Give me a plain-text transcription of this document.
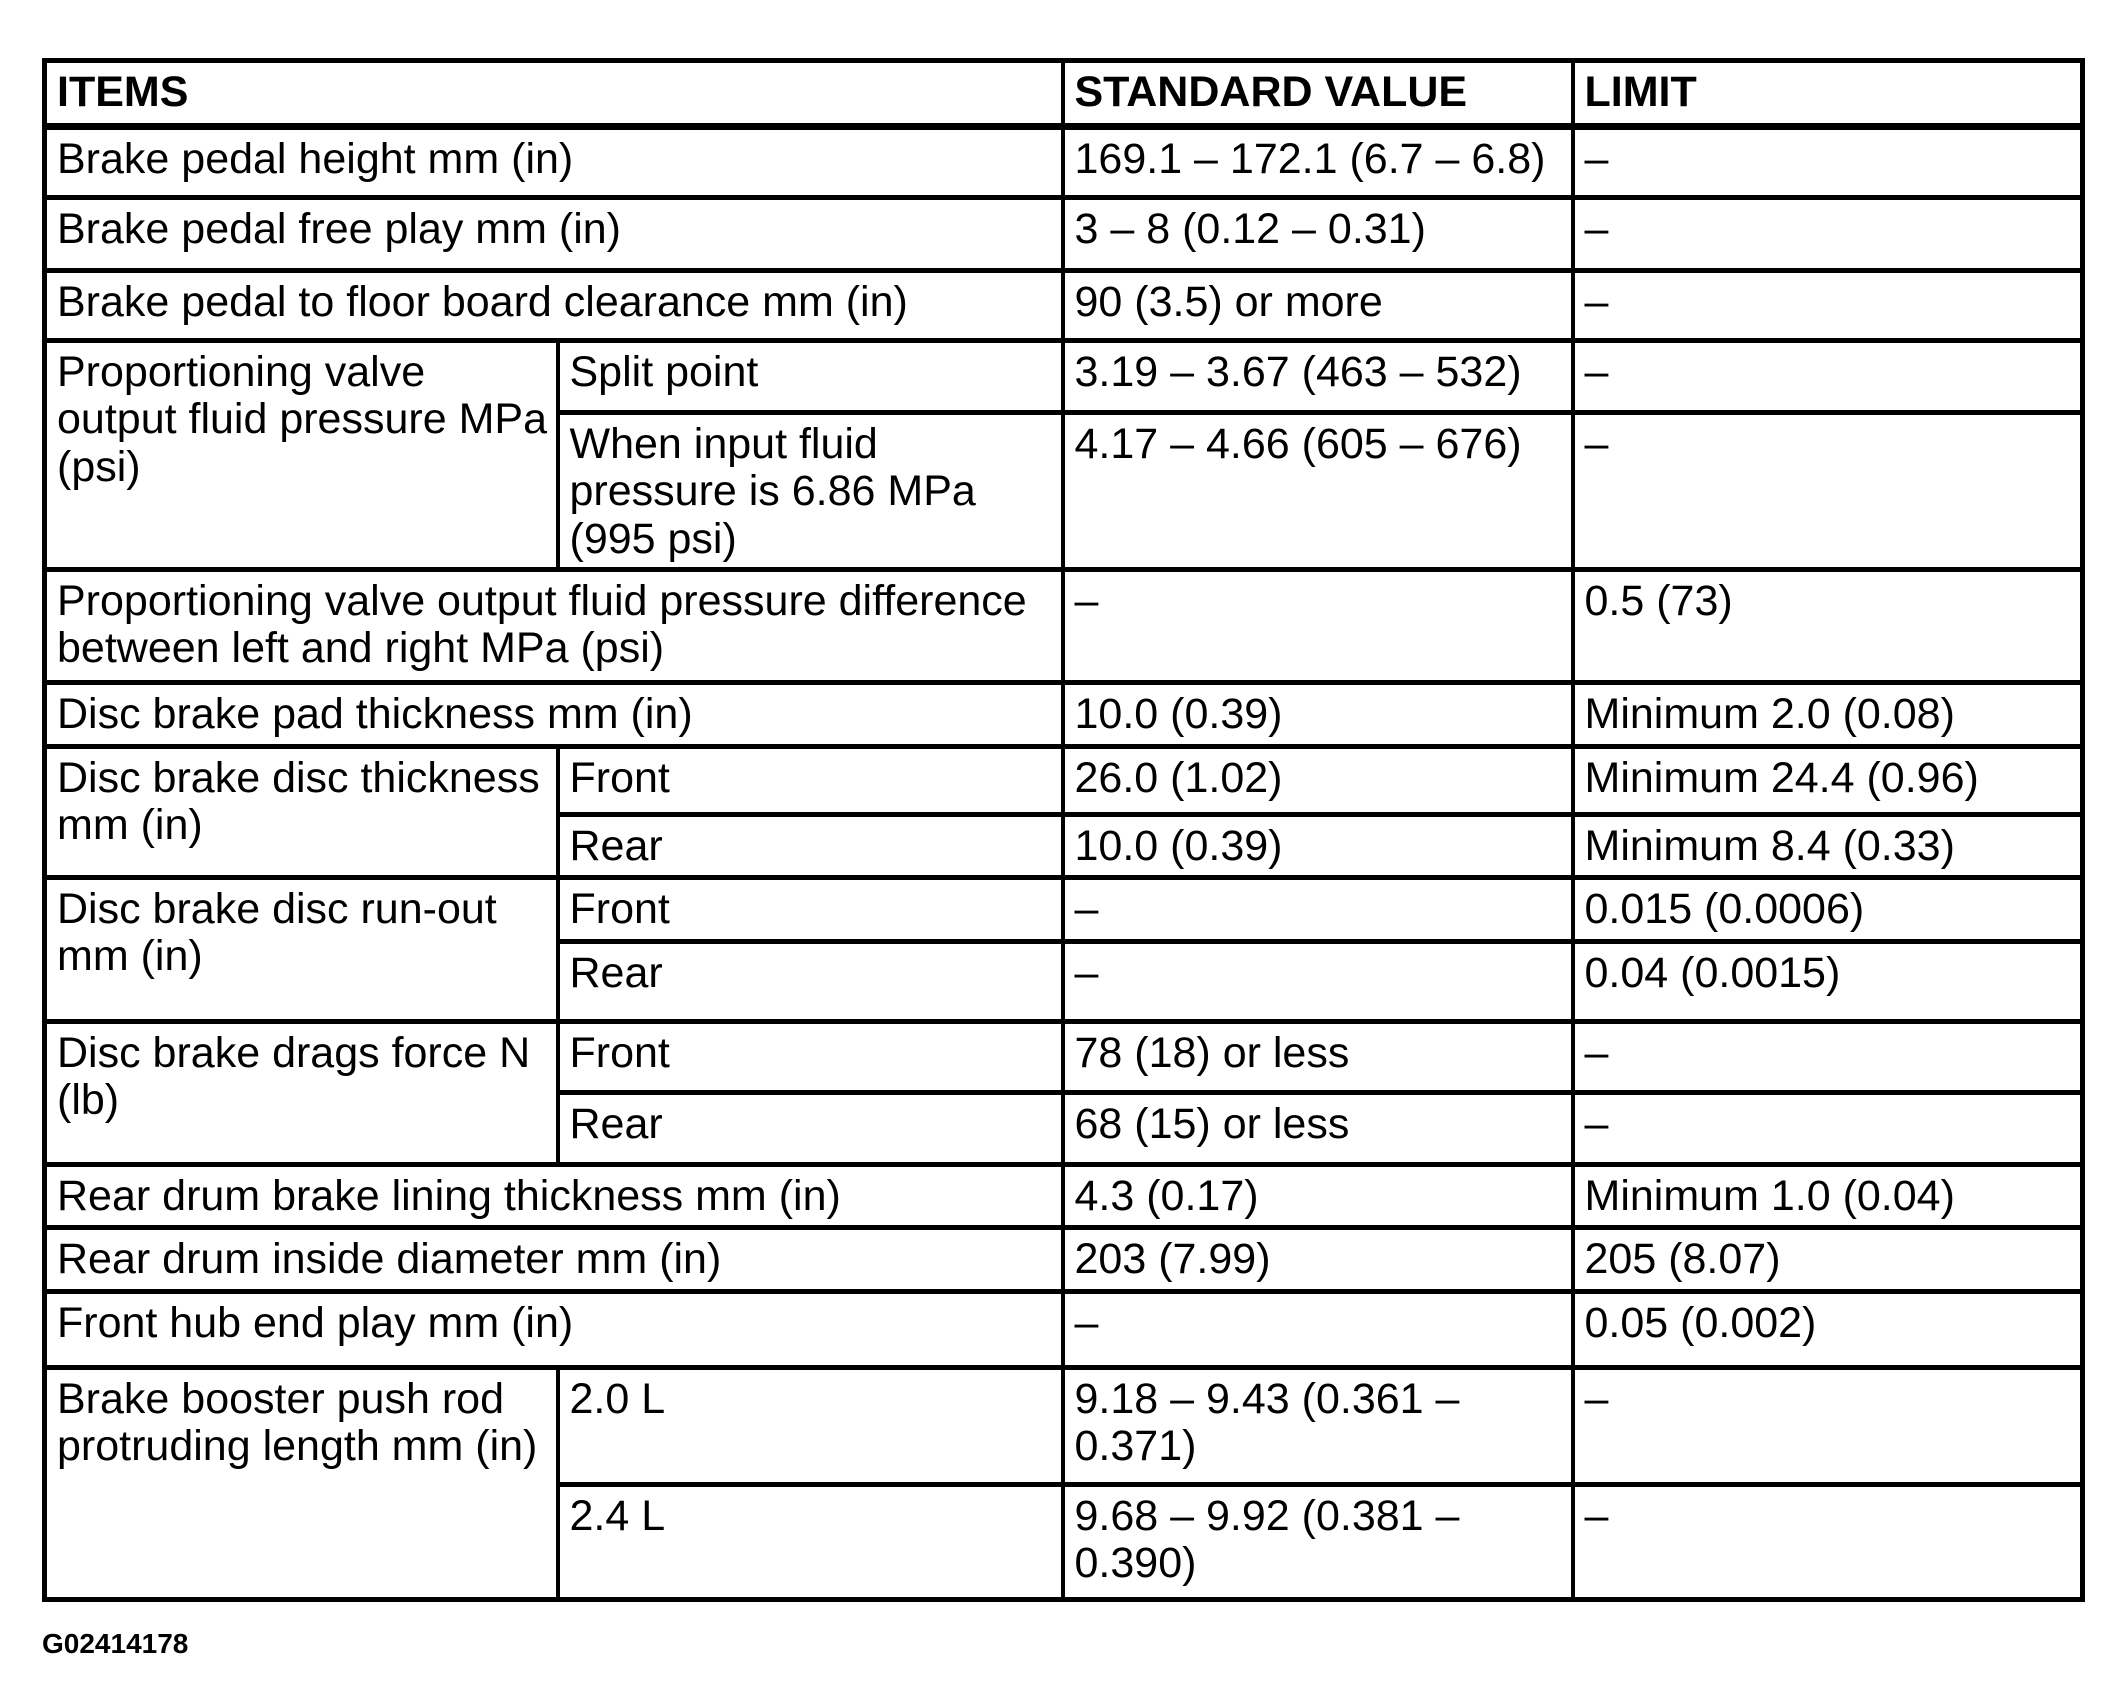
ITEMS		STANDARD VALUE	LIMIT
Brake pedal height mm (in)		169.1 – 172.1 (6.7 – 6.8)	–
Brake pedal free play mm (in)		3 – 8 (0.12 – 0.31)	–
Brake pedal to floor board clearance mm (in)		90 (3.5) or more	–
Proportioning valve output fluid pressure MPa (psi)	Split point	3.19 – 3.67 (463 – 532)	–
	When input fluid pressure is 6.86 MPa (995 psi)	4.17 – 4.66 (605 – 676)	–
Proportioning valve output fluid pressure difference between left and right MPa (psi)		–	0.5 (73)
Disc brake pad thickness mm (in)		10.0 (0.39)	Minimum 2.0 (0.08)
Disc brake disc thickness mm (in)	Front	26.0 (1.02)	Minimum 24.4 (0.96)
	Rear	10.0 (0.39)	Minimum 8.4 (0.33)
Disc brake disc run-out mm (in)	Front	–	0.015 (0.0006)
	Rear	–	0.04 (0.0015)
Disc brake drags force N (lb)	Front	78 (18) or less	–
	Rear	68 (15) or less	–
Rear drum brake lining thickness mm (in)		4.3 (0.17)	Minimum 1.0 (0.04)
Rear drum inside diameter mm (in)		203 (7.99)	205 (8.07)
Front hub end play mm (in)		–	0.05 (0.002)
Brake booster push rod protruding length mm (in)	2.0 L	9.18 – 9.43 (0.361 – 0.371)	–
	2.4 L	9.68 – 9.92 (0.381 – 0.390)	–
G02414178
